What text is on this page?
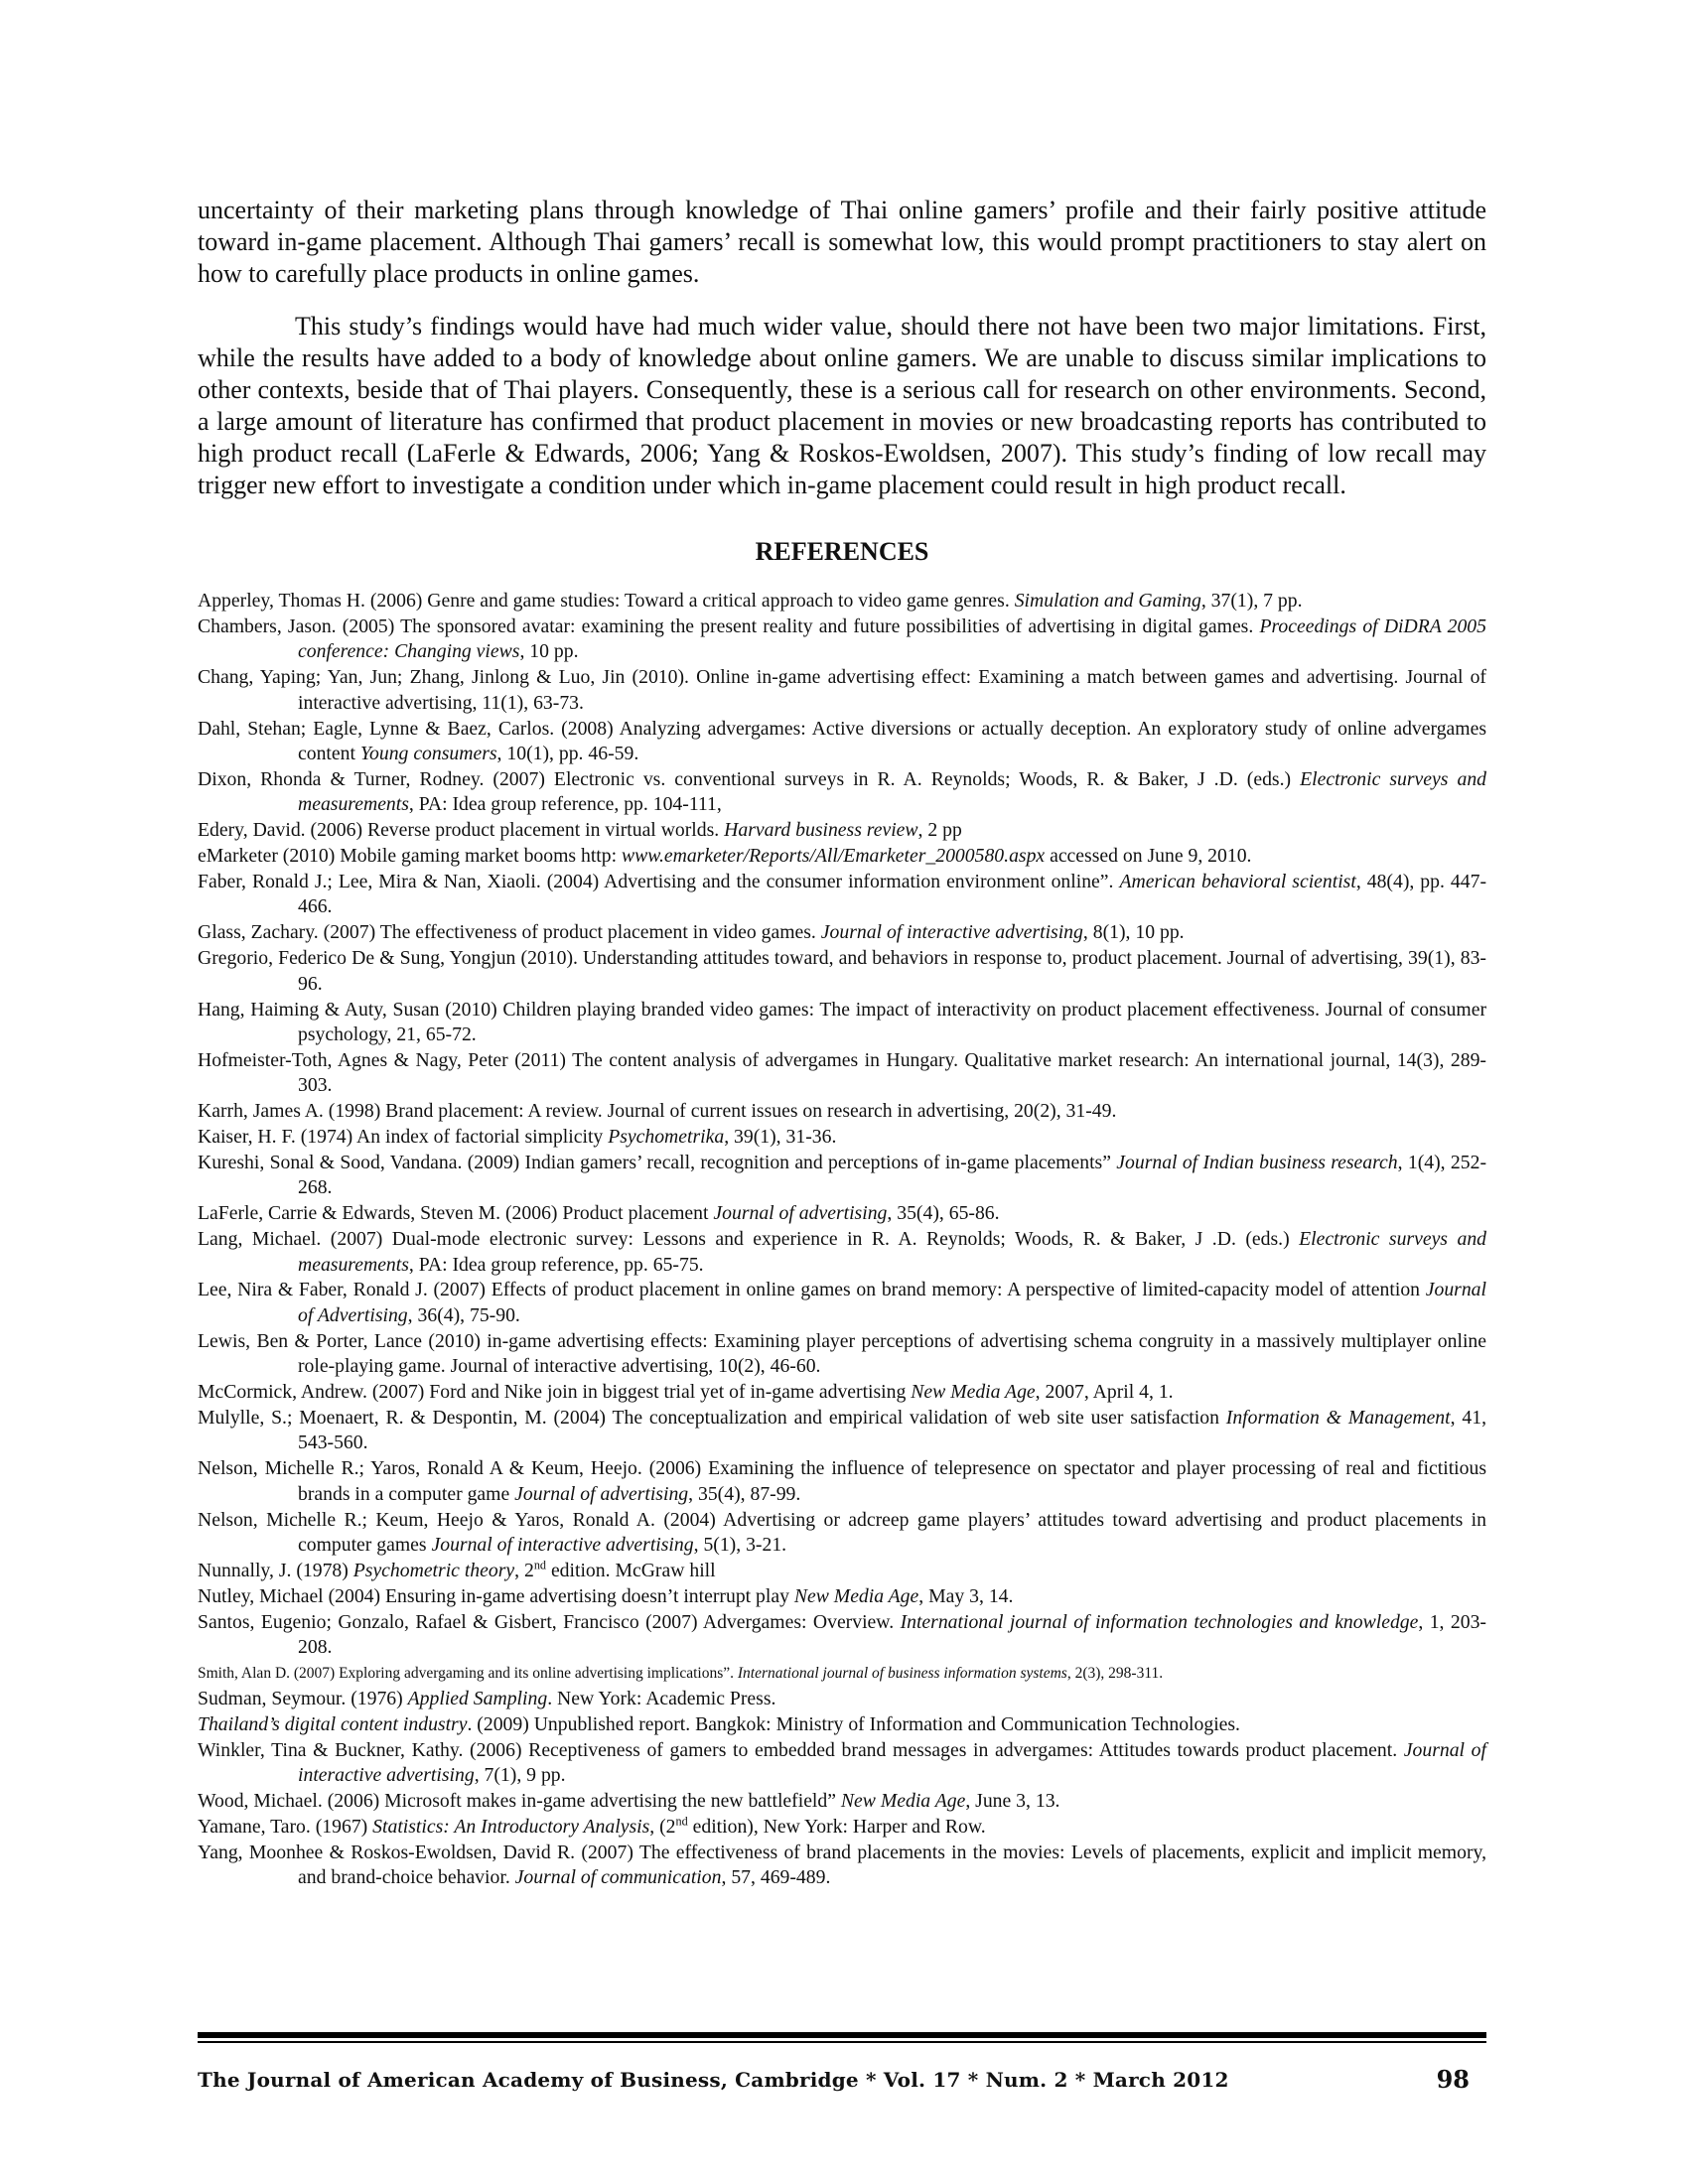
uncertainty of their marketing plans through knowledge of Thai online gamers’ profile and their fairly positive attitude toward in-game placement. Although Thai gamers’ recall is somewhat low, this would prompt practitioners to stay alert on how to carefully place products in online games.

This study’s findings would have had much wider value, should there not have been two major limitations. First, while the results have added to a body of knowledge about online gamers. We are unable to discuss similar implications to other contexts, beside that of Thai players. Consequently, these is a serious call for research on other environments. Second, a large amount of literature has confirmed that product placement in movies or new broadcasting reports has contributed to high product recall (LaFerle & Edwards, 2006; Yang & Roskos-Ewoldsen, 2007). This study’s finding of low recall may trigger new effort to investigate a condition under which in-game placement could result in high product recall.

REFERENCES
Apperley, Thomas H. (2006) Genre and game studies: Toward a critical approach to video game genres. Simulation and Gaming, 37(1), 7 pp.
Chambers, Jason. (2005) The sponsored avatar: examining the present reality and future possibilities of advertising in digital games. Proceedings of DiDRA 2005 conference: Changing views, 10 pp.
Chang, Yaping; Yan, Jun; Zhang, Jinlong & Luo, Jin (2010). Online in-game advertising effect: Examining a match between games and advertising. Journal of interactive advertising, 11(1), 63-73.
Dahl, Stehan; Eagle, Lynne & Baez, Carlos. (2008) Analyzing advergames: Active diversions or actually deception. An exploratory study of online advergames content Young consumers, 10(1), pp. 46-59.
Dixon, Rhonda & Turner, Rodney. (2007) Electronic vs. conventional surveys in R. A. Reynolds; Woods, R. & Baker, J .D. (eds.) Electronic surveys and measurements, PA: Idea group reference, pp. 104-111,
Edery, David. (2006) Reverse product placement in virtual worlds. Harvard business review, 2 pp
eMarketer (2010) Mobile gaming market booms http: www.emarketer/Reports/All/Emarketer_2000580.aspx accessed on June 9, 2010.
Faber, Ronald J.; Lee, Mira & Nan, Xiaoli. (2004) Advertising and the consumer information environment online”. American behavioral scientist, 48(4), pp. 447-466.
Glass, Zachary. (2007) The effectiveness of product placement in video games. Journal of interactive advertising, 8(1), 10 pp.
Gregorio, Federico De & Sung, Yongjun (2010). Understanding attitudes toward, and behaviors in response to, product placement. Journal of advertising, 39(1), 83-96.
Hang, Haiming & Auty, Susan (2010) Children playing branded video games: The impact of interactivity on product placement effectiveness. Journal of consumer psychology, 21, 65-72.
Hofmeister-Toth, Agnes & Nagy, Peter (2011) The content analysis of advergames in Hungary. Qualitative market research: An international journal, 14(3), 289-303.
Karrh, James A. (1998) Brand placement: A review. Journal of current issues on research in advertising, 20(2), 31-49.
Kaiser, H. F. (1974) An index of factorial simplicity Psychometrika, 39(1), 31-36.
Kureshi, Sonal & Sood, Vandana. (2009) Indian gamers’ recall, recognition and perceptions of in-game placements” Journal of Indian business research, 1(4), 252-268.
LaFerle, Carrie & Edwards, Steven M. (2006) Product placement Journal of advertising, 35(4), 65-86.
Lang, Michael. (2007) Dual-mode electronic survey: Lessons and experience in R. A. Reynolds; Woods, R. & Baker, J .D. (eds.) Electronic surveys and measurements, PA: Idea group reference, pp. 65-75.
Lee, Nira & Faber, Ronald J. (2007) Effects of product placement in online games on brand memory: A perspective of limited-capacity model of attention Journal of Advertising, 36(4), 75-90.
Lewis, Ben & Porter, Lance (2010) in-game advertising effects: Examining player perceptions of advertising schema congruity in a massively multiplayer online role-playing game. Journal of interactive advertising, 10(2), 46-60.
McCormick, Andrew. (2007) Ford and Nike join in biggest trial yet of in-game advertising New Media Age, 2007, April 4, 1.
Mulylle, S.; Moenaert, R. & Despontin, M. (2004) The conceptualization and empirical validation of web site user satisfaction Information & Management, 41, 543-560.
Nelson, Michelle R.; Yaros, Ronald A & Keum, Heejo. (2006) Examining the influence of telepresence on spectator and player processing of real and fictitious brands in a computer game Journal of advertising, 35(4), 87-99.
Nelson, Michelle R.; Keum, Heejo & Yaros, Ronald A. (2004) Advertising or adcreep game players’ attitudes toward advertising and product placements in computer games Journal of interactive advertising, 5(1), 3-21.
Nunnally, J. (1978) Psychometric theory, 2nd edition. McGraw hill
Nutley, Michael (2004) Ensuring in-game advertising doesn’t interrupt play New Media Age, May 3, 14.
Santos, Eugenio; Gonzalo, Rafael & Gisbert, Francisco (2007) Advergames: Overview. International journal of information technologies and knowledge, 1, 203-208.
Smith, Alan D. (2007) Exploring advergaming and its online advertising implications”. International journal of business information systems, 2(3), 298-311.
Sudman, Seymour. (1976) Applied Sampling. New York: Academic Press.
Thailand’s digital content industry. (2009) Unpublished report. Bangkok: Ministry of Information and Communication Technologies.
Winkler, Tina & Buckner, Kathy. (2006) Receptiveness of gamers to embedded brand messages in advergames: Attitudes towards product placement. Journal of interactive advertising, 7(1), 9 pp.
Wood, Michael. (2006) Microsoft makes in-game advertising the new battlefield” New Media Age, June 3, 13.
Yamane, Taro. (1967) Statistics: An Introductory Analysis, (2nd edition), New York: Harper and Row.
Yang, Moonhee & Roskos-Ewoldsen, David R. (2007) The effectiveness of brand placements in the movies: Levels of placements, explicit and implicit memory, and brand-choice behavior. Journal of communication, 57, 469-489.
The Journal of American Academy of Business, Cambridge * Vol. 17 * Num. 2 * March 2012	98
